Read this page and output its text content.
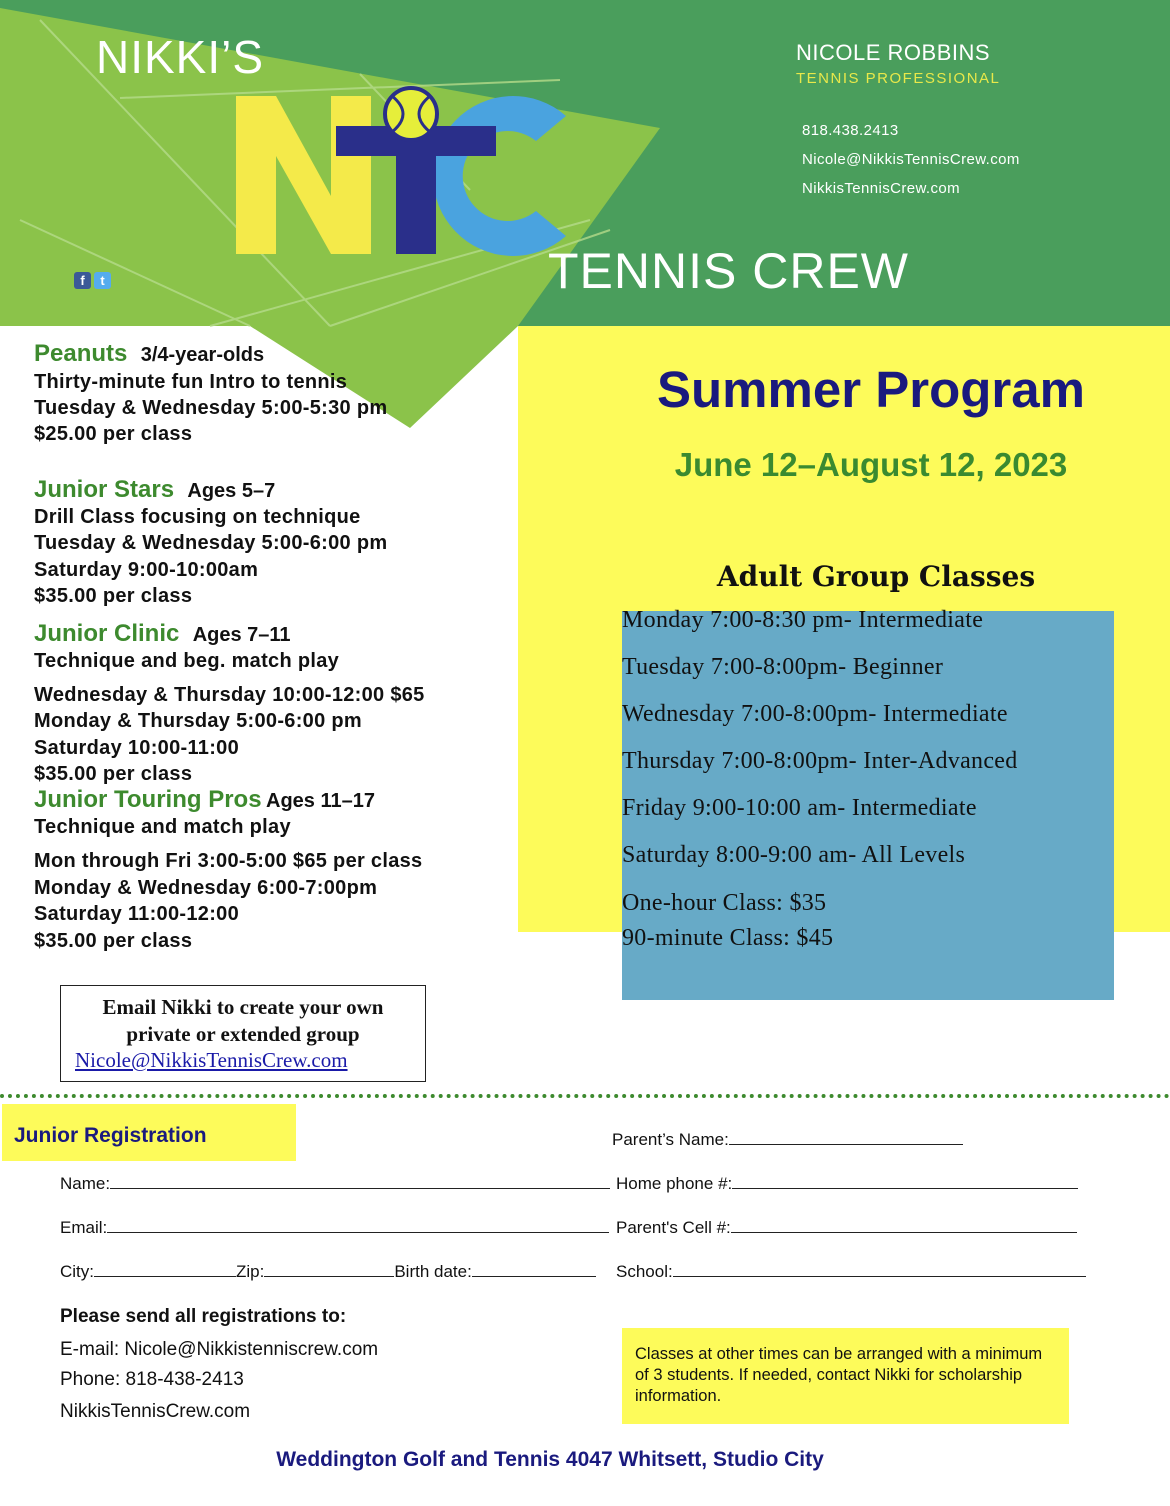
NIKKI’S
TENNIS CREW
NICOLE ROBBINS
TENNIS PROFESSIONAL
818.438.2413
Nicole@NikkisTennisCrew.com
NikkisTennisCrew.com
f t
Summer Program
June 12–August 12, 2023
Adult Group Classes
Monday 7:00-8:30 pm- Intermediate
Tuesday 7:00-8:00pm- Beginner
Wednesday 7:00-8:00pm- Intermediate
Thursday 7:00-8:00pm- Inter-Advanced
Friday 9:00-10:00 am- Intermediate
Saturday 8:00-9:00 am- All Levels
One-hour Class: $35
90-minute Class: $45
Peanuts 3/4-year-olds
Thirty-minute fun Intro to tennis
Tuesday & Wednesday 5:00-5:30 pm
$25.00 per class
Junior Stars Ages 5–7
Drill Class focusing on technique
Tuesday & Wednesday 5:00-6:00 pm
Saturday 9:00-10:00am
$35.00 per class
Junior Clinic Ages 7–11
Technique and beg. match play
Wednesday & Thursday 10:00-12:00 $65
Monday & Thursday 5:00-6:00 pm
Saturday 10:00-11:00
$35.00 per class
Junior Touring Pros Ages 11–17
Technique and match play
Mon through Fri 3:00-5:00 $65 per class
Monday & Wednesday 6:00-7:00pm
Saturday 11:00-12:00
$35.00 per class
Email Nikki to create your own
private or extended group
Nicole@NikkisTennisCrew.com
Junior Registration	Parent’s Name:
Name:	Home phone #:
Email:	Parent's Cell #:
City:	Zip:	Birth date:	School:
Please send all registrations to:
E-mail: Nicole@Nikkistenniscrew.com
Phone: 818-438-2413
NikkisTennisCrew.com
Classes at other times can be arranged with a minimum of 3 students. If needed, contact Nikki for scholarship information.
Weddington Golf and Tennis 4047 Whitsett, Studio City
